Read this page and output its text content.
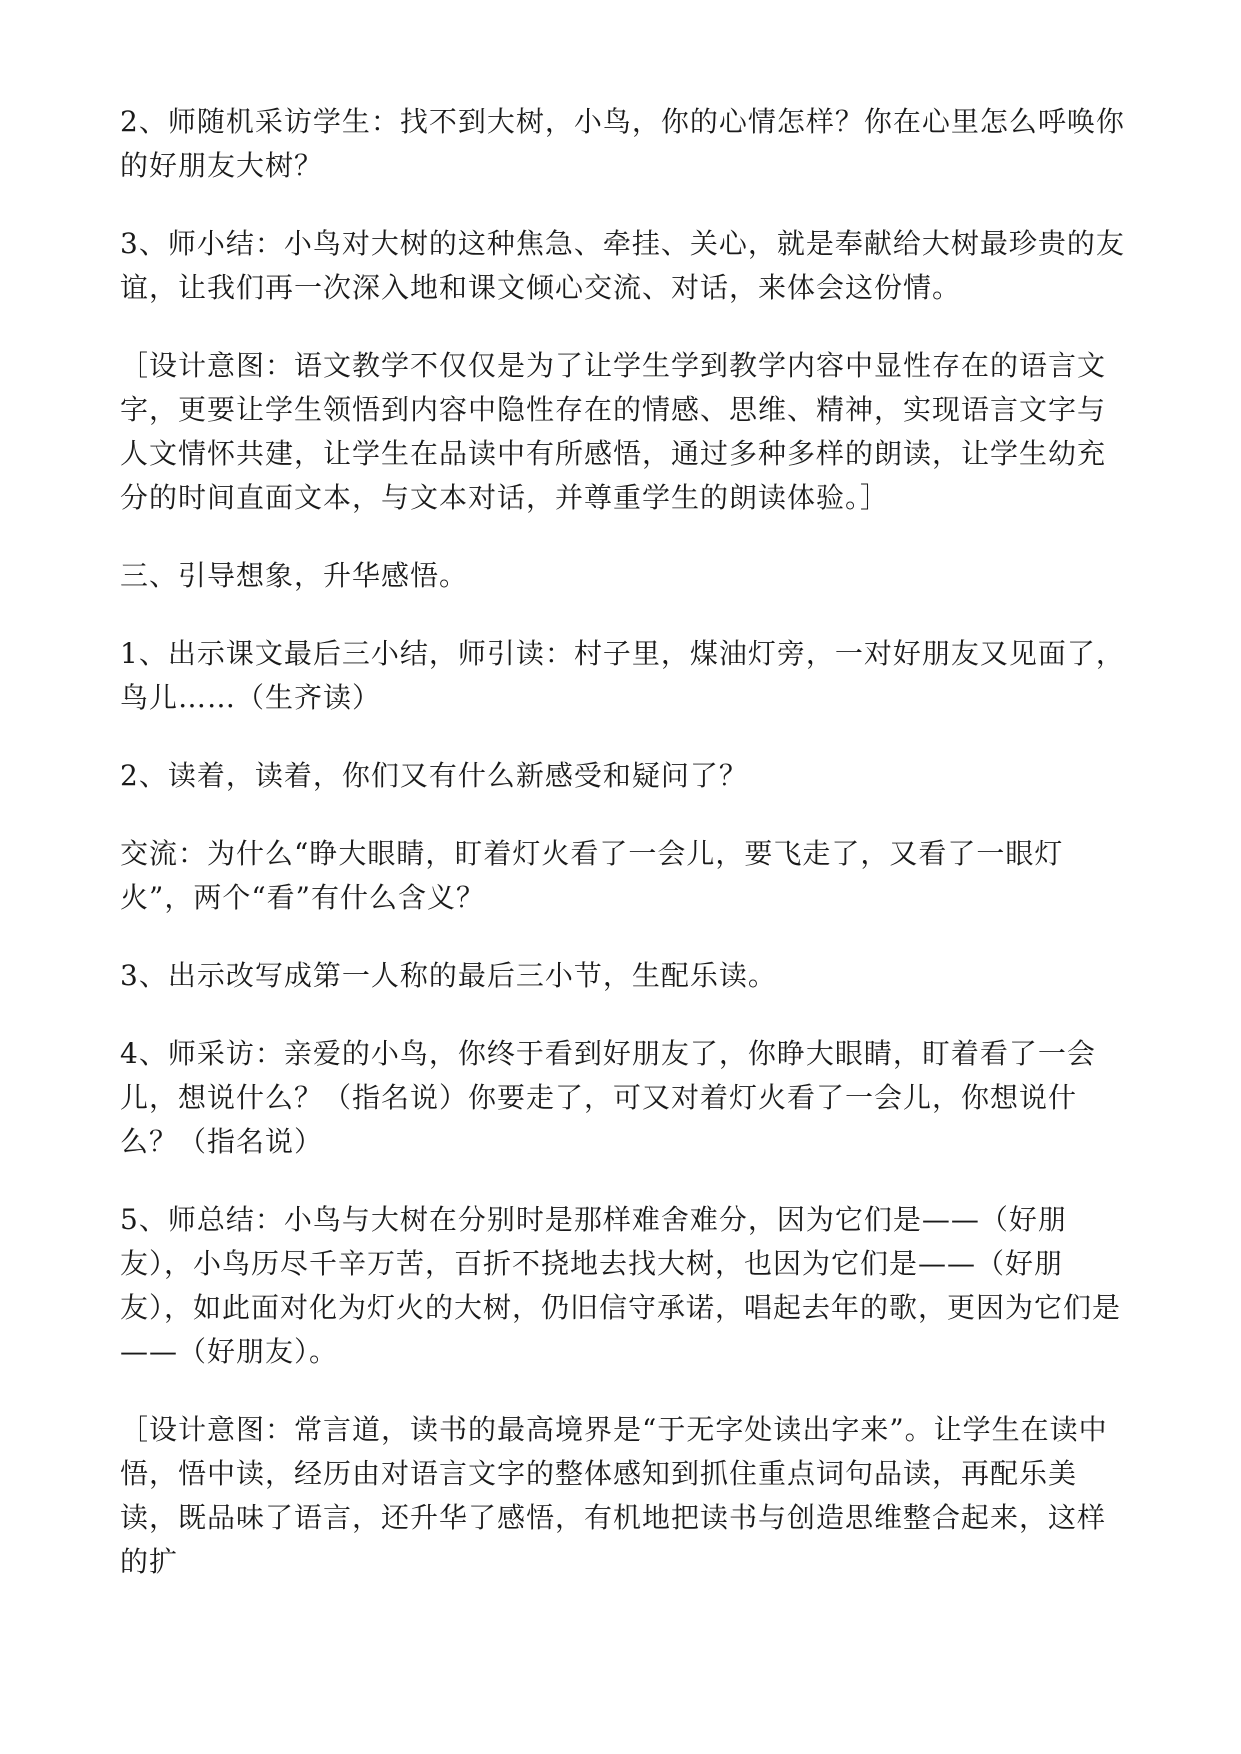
2、师随机采访学生：找不到大树，小鸟，你的心情怎样？你在心里怎么呼唤你的好朋友大树？

3、师小结：小鸟对大树的这种焦急、牵挂、关心，就是奉献给大树最珍贵的友谊，让我们再一次深入地和课文倾心交流、对话，来体会这份情。

［设计意图：语文教学不仅仅是为了让学生学到教学内容中显性存在的语言文字，更要让学生领悟到内容中隐性存在的情感、思维、精神，实现语言文字与人文情怀共建，让学生在品读中有所感悟，通过多种多样的朗读，让学生幼充分的时间直面文本，与文本对话，并尊重学生的朗读体验。］

三、引导想象，升华感悟。

1、出示课文最后三小结，师引读：村子里，煤油灯旁，一对好朋友又见面了，鸟儿……（生齐读）

2、读着，读着，你们又有什么新感受和疑问了？

交流：为什么“睁大眼睛，盯着灯火看了一会儿，要飞走了，又看了一眼灯火”，两个“看”有什么含义？

3、出示改写成第一人称的最后三小节，生配乐读。

4、师采访：亲爱的小鸟，你终于看到好朋友了，你睁大眼睛，盯着看了一会儿，想说什么？（指名说）你要走了，可又对着灯火看了一会儿，你想说什么？（指名说）

5、师总结：小鸟与大树在分别时是那样难舍难分，因为它们是——（好朋友），小鸟历尽千辛万苦，百折不挠地去找大树，也因为它们是——（好朋友），如此面对化为灯火的大树，仍旧信守承诺，唱起去年的歌，更因为它们是——（好朋友）。

［设计意图：常言道，读书的最高境界是“于无字处读出字来”。让学生在读中悟，悟中读，经历由对语言文字的整体感知到抓住重点词句品读，再配乐美读，既品味了语言，还升华了感悟，有机地把读书与创造思维整合起来，这样的扩
